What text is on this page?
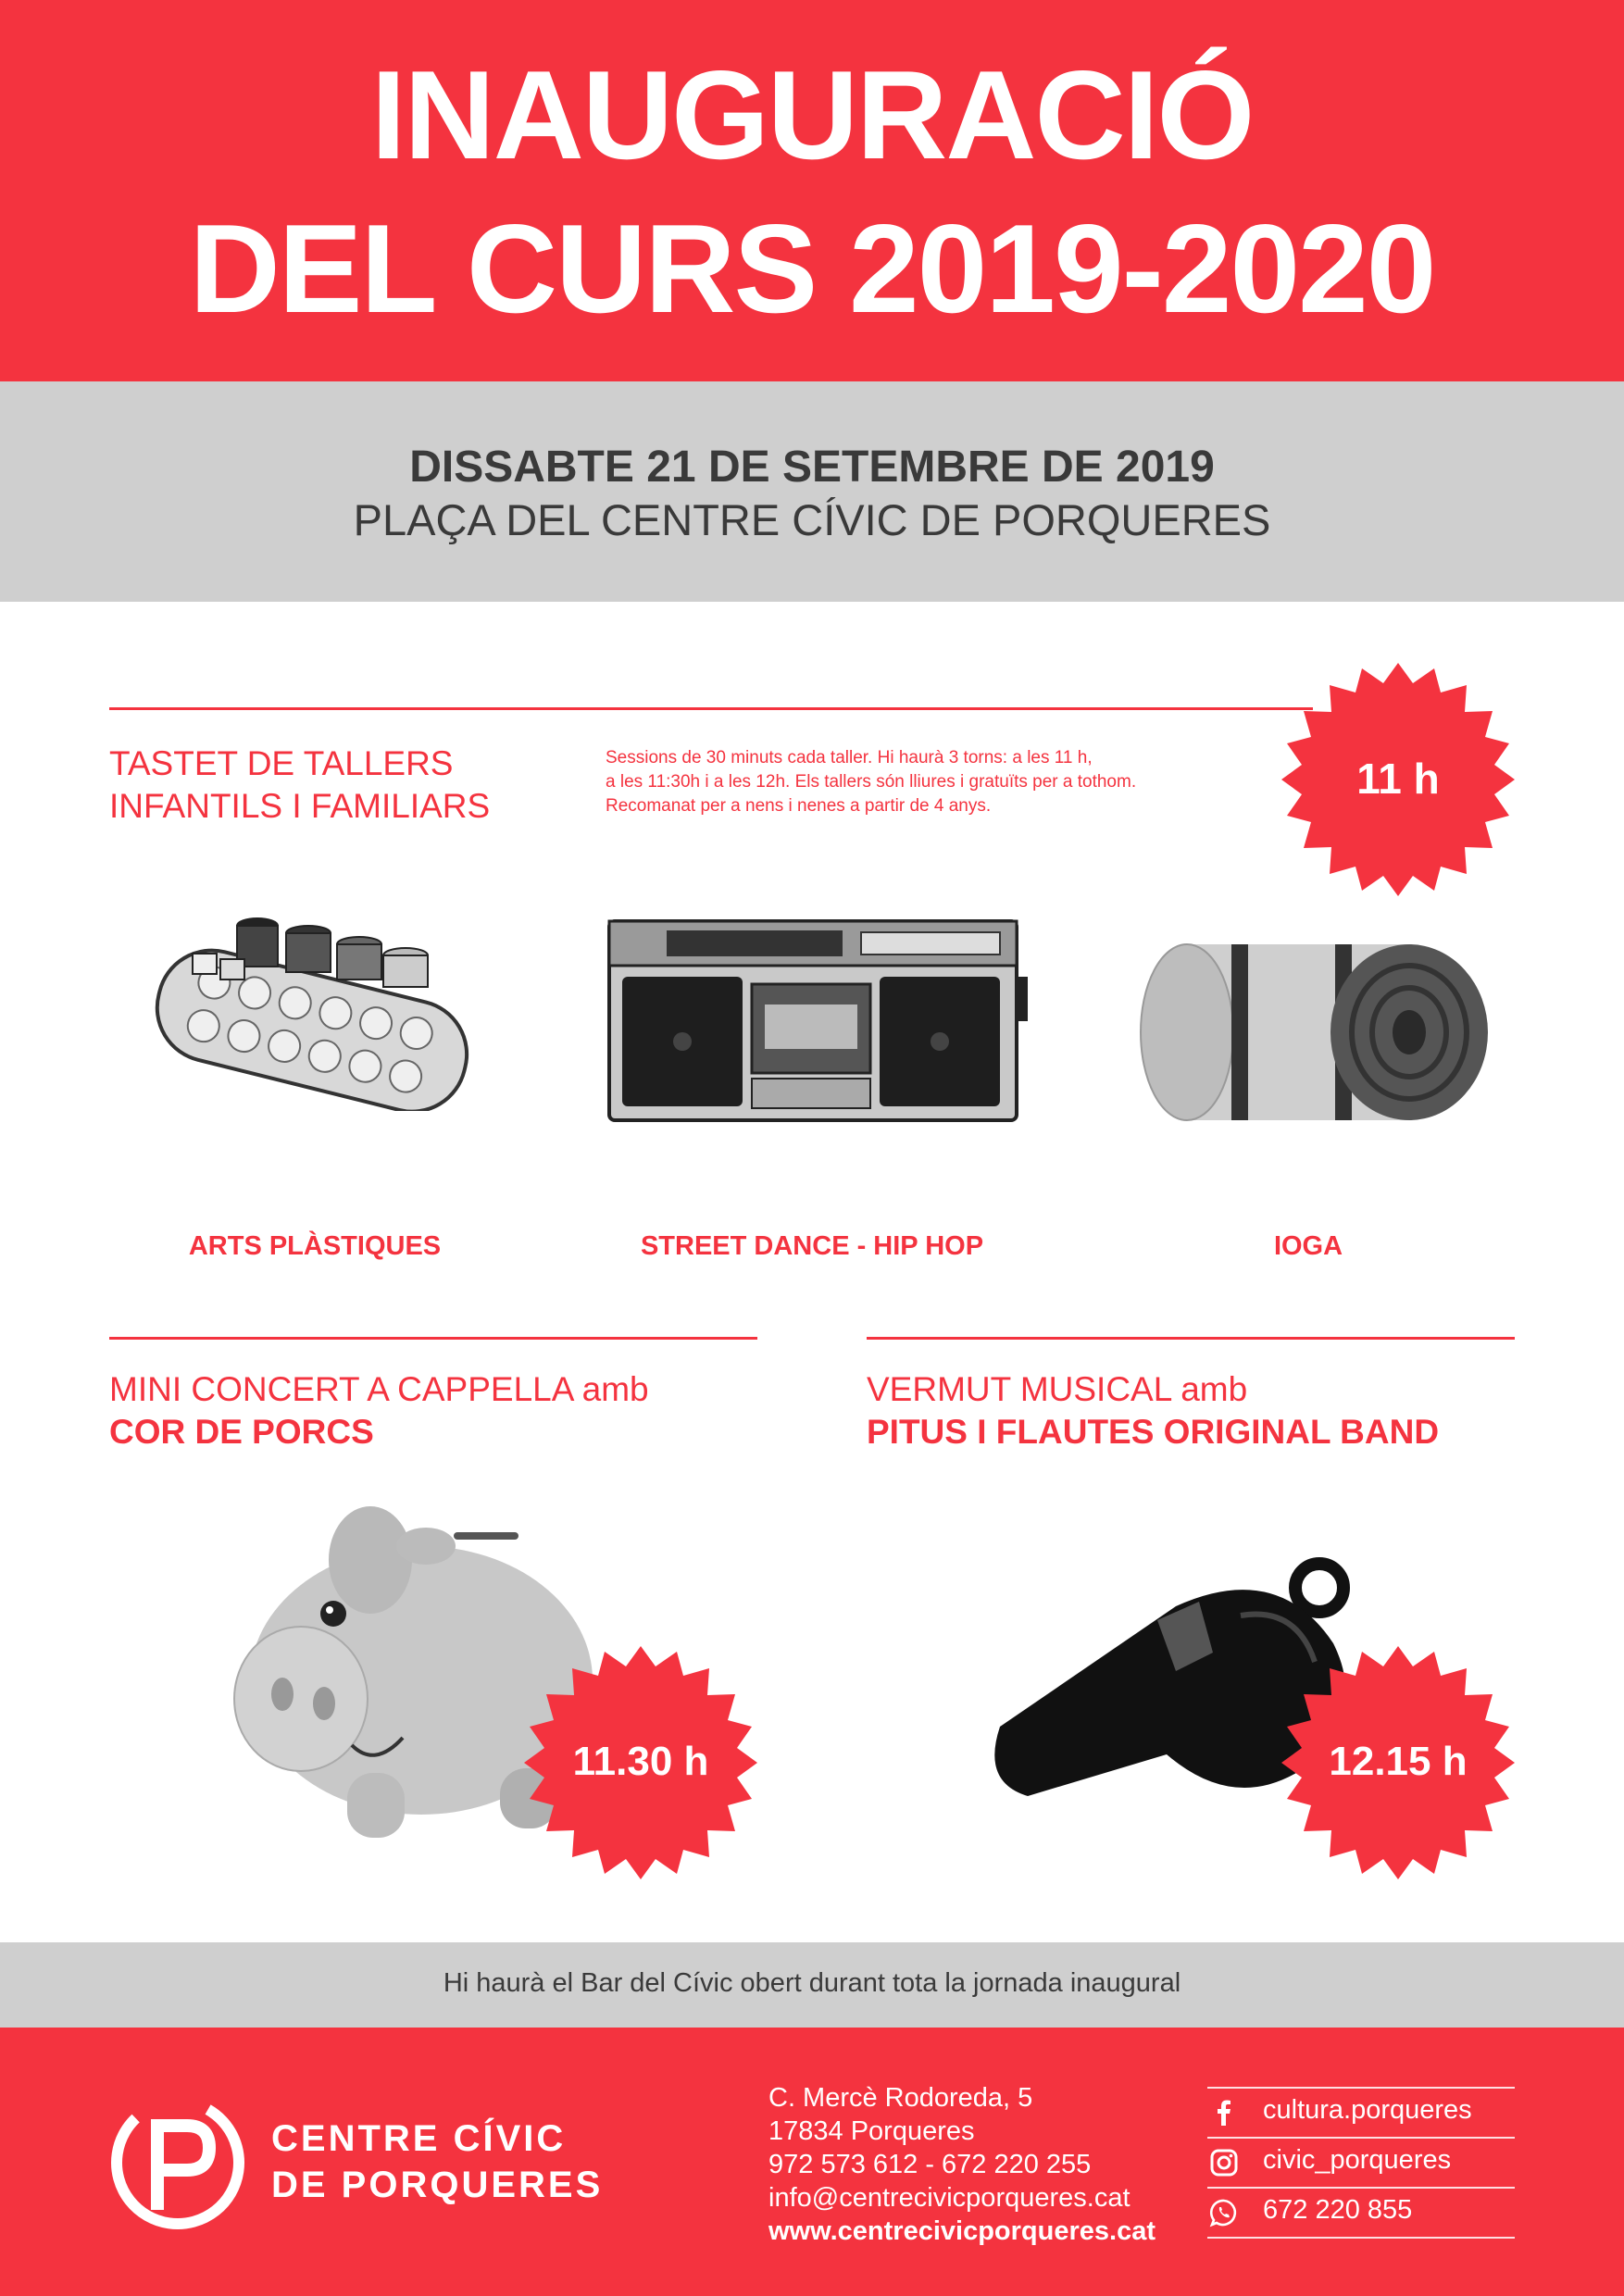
INAUGURACIÓ
DEL CURS 2019-2020
DISSABTE 21 DE SETEMBRE DE 2019
PLAÇA DEL CENTRE CÍVIC DE PORQUERES
TASTET DE TALLERS
INFANTILS I FAMILIARS
Sessions de 30 minuts cada taller. Hi haurà 3 torns: a les 11 h,
a les 11:30h i a les 12h. Els tallers són lliures i gratuïts per a tothom.
Recomanat per a nens i nenes a partir de 4 anys.
11 h
ARTS PLÀSTIQUES	STREET DANCE - HIP HOP	IOGA
MINI CONCERT A CAPPELLA amb
COR DE PORCS
VERMUT MUSICAL amb
PITUS I FLAUTES ORIGINAL BAND
11.30 h	12.15 h
Hi haurà el Bar del Cívic obert durant tota la jornada inaugural
CENTRE CÍVIC
DE PORQUERES
C. Mercè Rodoreda, 5
17834 Porqueres
972 573 612 - 672 220 255
info@centrecivicporqueres.cat
www.centrecivicporqueres.cat
cultura.porqueres
civic_porqueres
672 220 855
